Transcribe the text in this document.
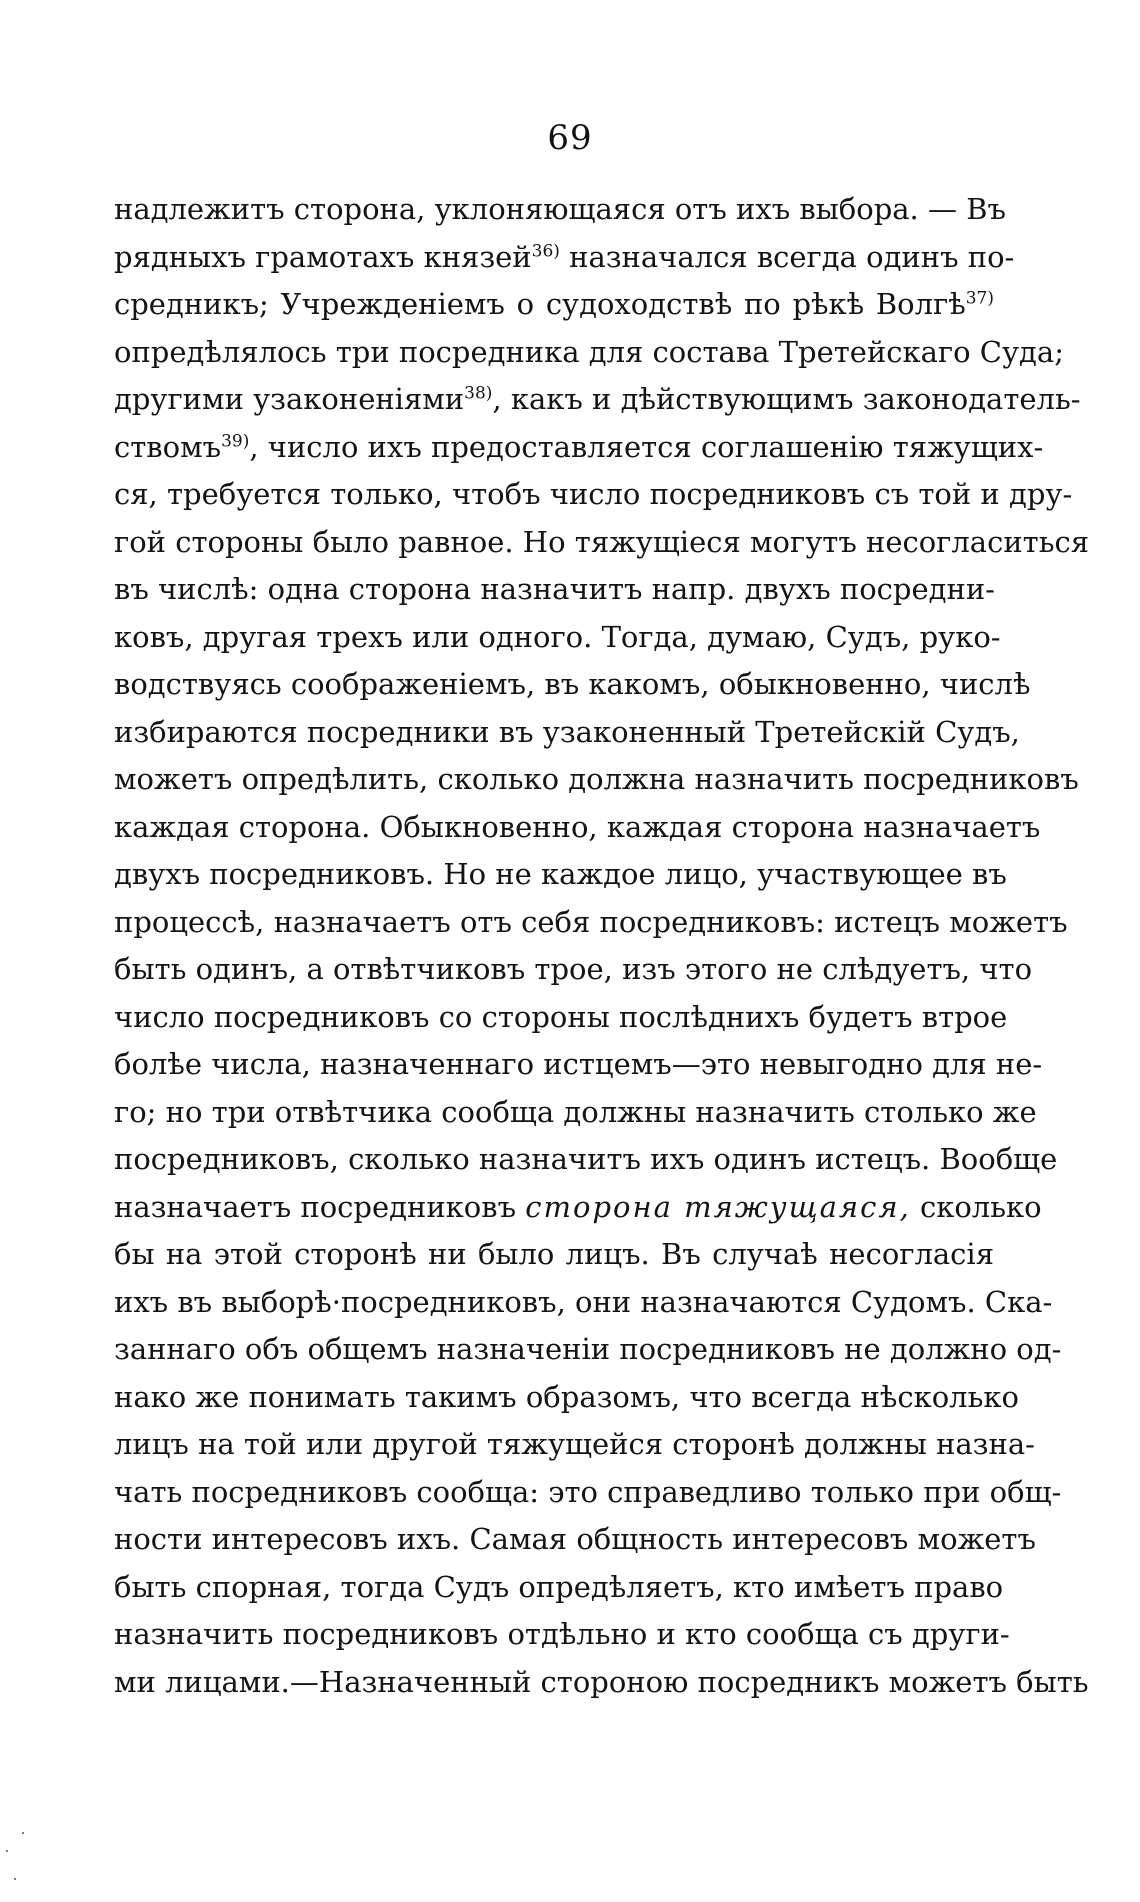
69
надлежитъ сторона, уклоняющаяся отъ ихъ выбора. — Въ
рядныхъ грамотахъ князей$^{36)}$ назначался всегда одинъ по-
средникъ; Учрежденіемъ о судоходствѣ по рѣкѣ Волгѣ$^{37)}$
опредѣлялось три посредника для состава Третейскаго Суда;
другими узаконеніями$^{38)}$, какъ и дѣйствующимъ законодатель-
ствомъ$^{39)}$, число ихъ предоставляется соглашенію тяжущих-
ся, требуется только, чтобъ число посредниковъ съ той и дру-
гой стороны было равное. Но тяжущіеся могутъ несогласиться
въ числѣ: одна сторона назначитъ напр. двухъ посредни-
ковъ, другая трехъ или одного. Тогда, думаю, Судъ, руко-
водствуясь соображеніемъ, въ какомъ, обыкновенно, числѣ
избираются посредники въ узаконенный Третейскій Судъ,
можетъ опредѣлить, сколько должна назначить посредниковъ
каждая сторона. Обыкновенно, каждая сторона назначаетъ
двухъ посредниковъ. Но не каждое лицо, участвующее въ
процессѣ, назначаетъ отъ себя посредниковъ: истецъ можетъ
быть одинъ, а отвѣтчиковъ трое, изъ этого не слѣдуетъ, что
число посредниковъ со стороны послѣднихъ будетъ втрое
болѣе числа, назначеннаго истцемъ—это невыгодно для не-
го; но три отвѣтчика сообща должны назначить столько же
посредниковъ, сколько назначитъ ихъ одинъ истецъ. Вообще
назначаетъ посредниковъ сторона тяжущаяся, сколько
бы на этой сторонѣ ни было лицъ. Въ случаѣ несогласія
ихъ въ выборѣ·посредниковъ, они назначаются Судомъ. Ска-
заннаго объ общемъ назначеніи посредниковъ не должно од-
нако же понимать такимъ образомъ, что всегда нѣсколько
лицъ на той или другой тяжущейся сторонѣ должны назна-
чать посредниковъ сообща: это справедливо только при общ-
ности интересовъ ихъ. Самая общность интересовъ можетъ
быть спорная, тогда Судъ опредѣляетъ, кто имѣетъ право
назначить посредниковъ отдѣльно и кто сообща съ други-
ми лицами.—Назначенный стороною посредникъ можетъ быть
